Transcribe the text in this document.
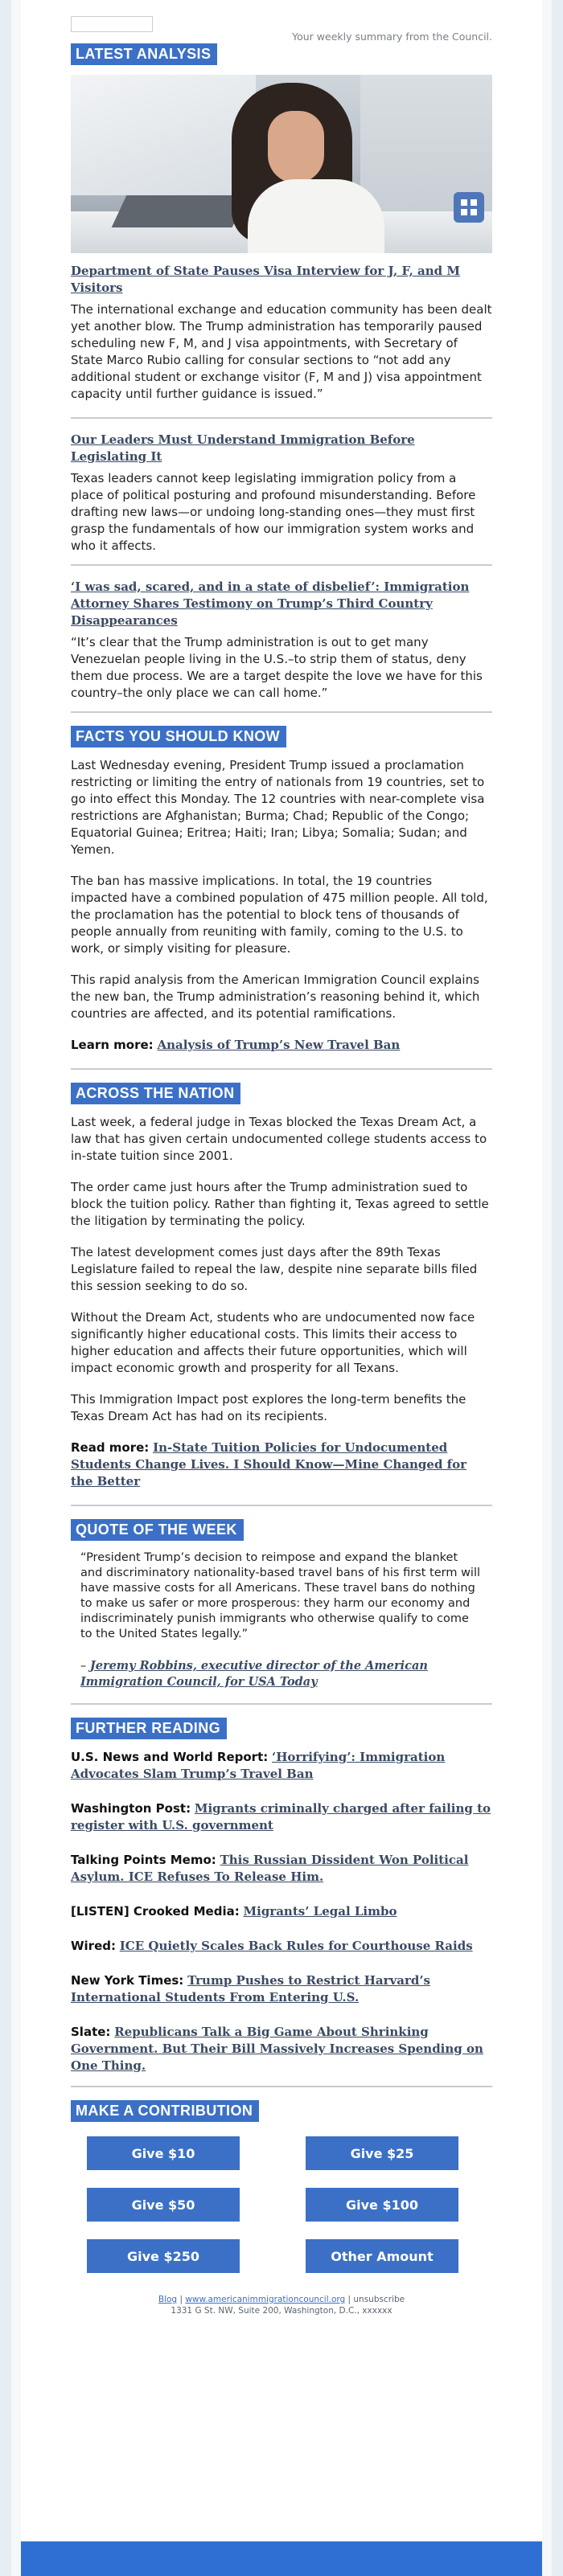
Your weekly summary from the Council.
LATEST ANALYSIS
Department of State Pauses Visa Interview for J, F, and M Visitors

The international exchange and education community has been dealt yet another blow. The Trump administration has temporarily paused scheduling new F, M, and J visa appointments, with Secretary of State Marco Rubio calling for consular sections to “not add any additional student or exchange visitor (F, M and J) visa appointment capacity until further guidance is issued.”

Our Leaders Must Understand Immigration Before Legislating It

Texas leaders cannot keep legislating immigration policy from a place of political posturing and profound misunderstanding. Before drafting new laws—or undoing long-standing ones—they must first grasp the fundamentals of how our immigration system works and who it affects.

‘I was sad, scared, and in a state of disbelief’: Immigration Attorney Shares Testimony on Trump’s Third Country Disappearances

“It’s clear that the Trump administration is out to get many Venezuelan people living in the U.S.–to strip them of status, deny them due process. We are a target despite the love we have for this country–the only place we can call home.”

FACTS YOU SHOULD KNOW

Last Wednesday evening, President Trump issued a proclamation restricting or limiting the entry of nationals from 19 countries, set to go into effect this Monday. The 12 countries with near-complete visa restrictions are Afghanistan; Burma; Chad; Republic of the Congo; Equatorial Guinea; Eritrea; Haiti; Iran; Libya; Somalia; Sudan; and Yemen.

The ban has massive implications. In total, the 19 countries impacted have a combined population of 475 million people. All told, the proclamation has the potential to block tens of thousands of people annually from reuniting with family, coming to the U.S. to work, or simply visiting for pleasure.

This rapid analysis from the American Immigration Council explains the new ban, the Trump administration’s reasoning behind it, which countries are affected, and its potential ramifications.

Learn more: Analysis of Trump’s New Travel Ban
ACROSS THE NATION

Last week, a federal judge in Texas blocked the Texas Dream Act, a law that has given certain undocumented college students access to in-state tuition since 2001.

The order came just hours after the Trump administration sued to block the tuition policy. Rather than fighting it, Texas agreed to settle the litigation by terminating the policy.

The latest development comes just days after the 89th Texas Legislature failed to repeal the law, despite nine separate bills filed this session seeking to do so.

Without the Dream Act, students who are undocumented now face significantly higher educational costs. This limits their access to higher education and affects their future opportunities, which will impact economic growth and prosperity for all Texans.

This Immigration Impact post explores the long-term benefits the Texas Dream Act has had on its recipients.

Read more: In-State Tuition Policies for Undocumented Students Change Lives. I Should Know—Mine Changed for the Better
QUOTE OF THE WEEK

“President Trump’s decision to reimpose and expand the blanket and discriminatory nationality-based travel bans of his first term will have massive costs for all Americans. These travel bans do nothing to make us safer or more prosperous: they harm our economy and indiscriminately punish immigrants who otherwise qualify to come to the United States legally.”

– Jeremy Robbins, executive director of the American Immigration Council, for USA Today
FURTHER READING
U.S. News and World Report: ‘Horrifying’: Immigration Advocates Slam Trump’s Travel Ban
Washington Post: Migrants criminally charged after failing to register with U.S. government
Talking Points Memo: This Russian Dissident Won Political Asylum. ICE Refuses To Release Him.
[LISTEN] Crooked Media: Migrants’ Legal Limbo
Wired: ICE Quietly Scales Back Rules for Courthouse Raids
New York Times: Trump Pushes to Restrict Harvard’s International Students From Entering U.S.
Slate: Republicans Talk a Big Game About Shrinking Government. But Their Bill Massively Increases Spending on One Thing.
MAKE A CONTRIBUTION
Give $10	Give $25
Give $50	Give $100
Give $250	Other Amount
Blog | www.americanimmigrationcouncil.org | unsubscribe
1331 G St. NW, Suite 200, Washington, D.C., xxxxxx
